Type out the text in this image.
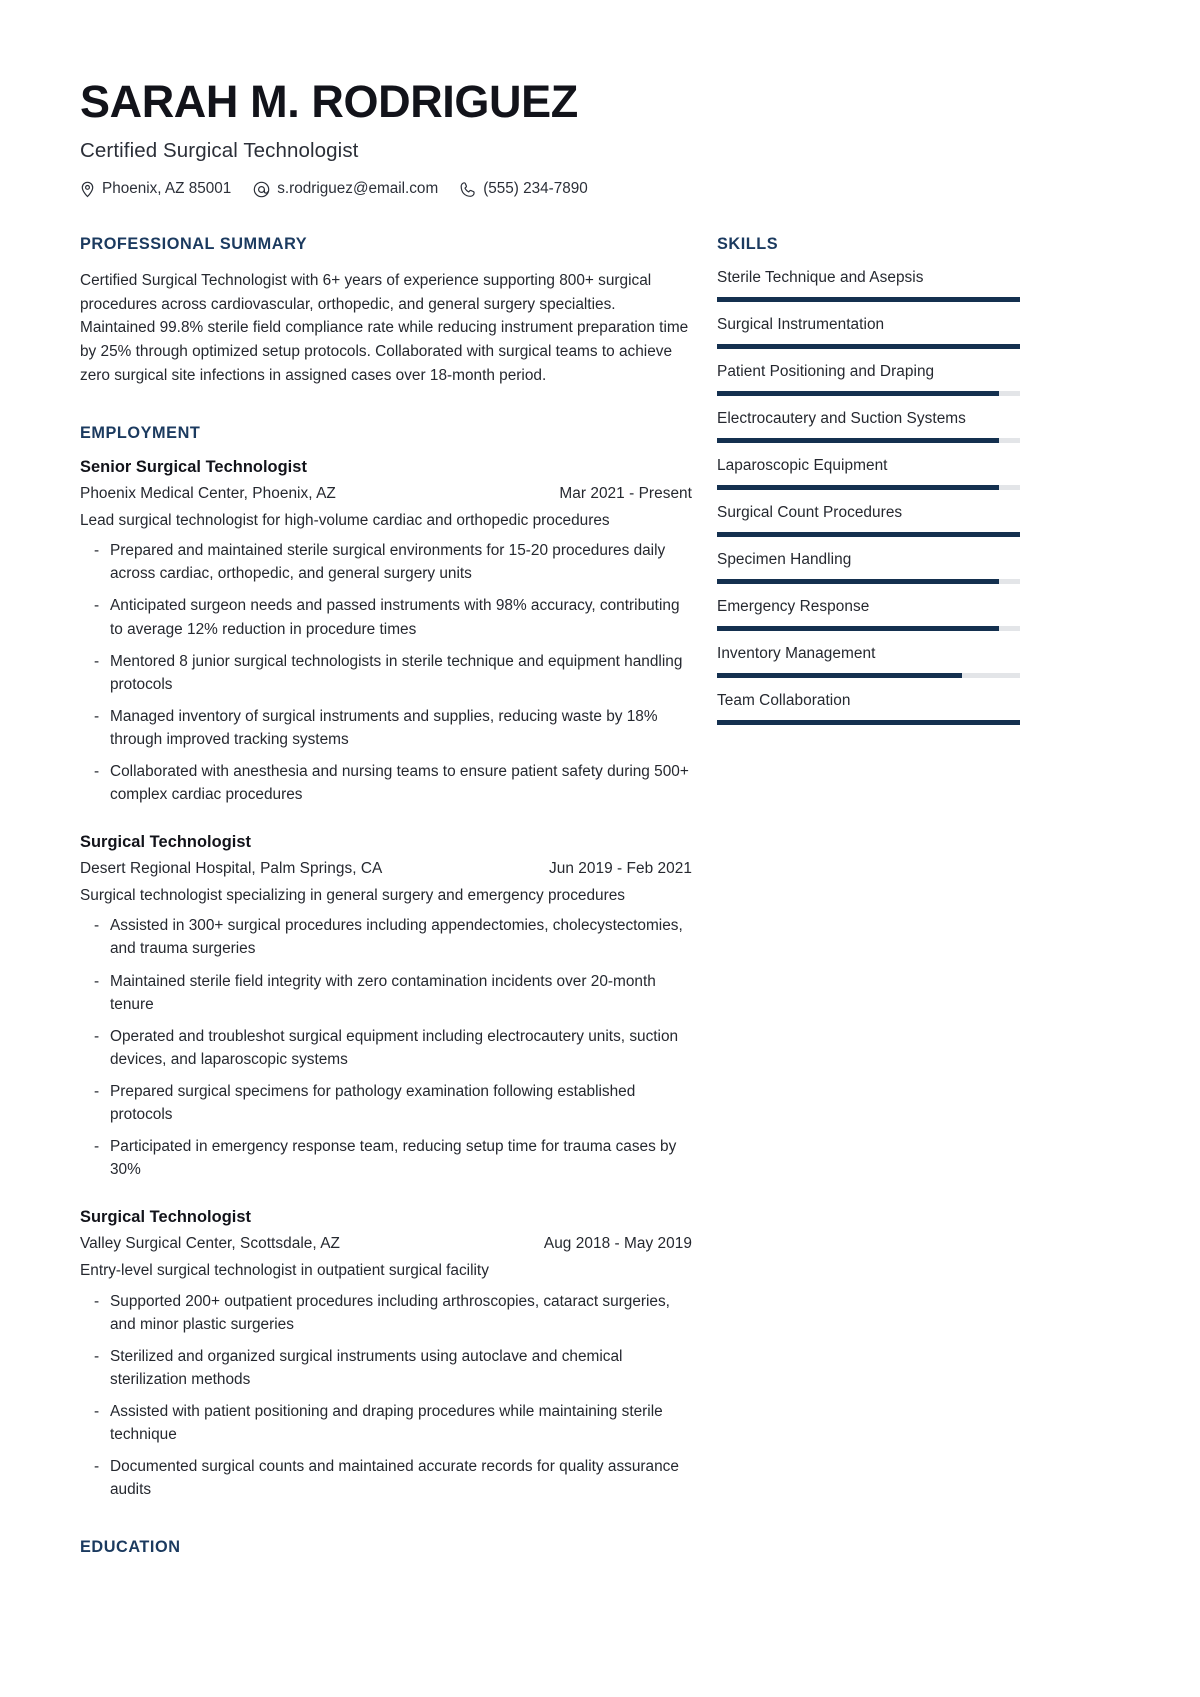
SARAH M. RODRIGUEZ
Certified Surgical Technologist
Phoenix, AZ 85001	s.rodriguez@email.com	(555) 234-7890
PROFESSIONAL SUMMARY
Certified Surgical Technologist with 6+ years of experience supporting 800+ surgical procedures across cardiovascular, orthopedic, and general surgery specialties. Maintained 99.8% sterile field compliance rate while reducing instrument preparation time by 25% through optimized setup protocols. Collaborated with surgical teams to achieve zero surgical site infections in assigned cases over 18-month period.
EMPLOYMENT
Senior Surgical Technologist
Phoenix Medical Center, Phoenix, AZ	Mar 2021 - Present
Lead surgical technologist for high-volume cardiac and orthopedic procedures
- Prepared and maintained sterile surgical environments for 15-20 procedures daily across cardiac, orthopedic, and general surgery units
- Anticipated surgeon needs and passed instruments with 98% accuracy, contributing to average 12% reduction in procedure times
- Mentored 8 junior surgical technologists in sterile technique and equipment handling protocols
- Managed inventory of surgical instruments and supplies, reducing waste by 18% through improved tracking systems
- Collaborated with anesthesia and nursing teams to ensure patient safety during 500+ complex cardiac procedures
Surgical Technologist
Desert Regional Hospital, Palm Springs, CA	Jun 2019 - Feb 2021
Surgical technologist specializing in general surgery and emergency procedures
- Assisted in 300+ surgical procedures including appendectomies, cholecystectomies, and trauma surgeries
- Maintained sterile field integrity with zero contamination incidents over 20-month tenure
- Operated and troubleshot surgical equipment including electrocautery units, suction devices, and laparoscopic systems
- Prepared surgical specimens for pathology examination following established protocols
- Participated in emergency response team, reducing setup time for trauma cases by 30%
Surgical Technologist
Valley Surgical Center, Scottsdale, AZ	Aug 2018 - May 2019
Entry-level surgical technologist in outpatient surgical facility
- Supported 200+ outpatient procedures including arthroscopies, cataract surgeries, and minor plastic surgeries
- Sterilized and organized surgical instruments using autoclave and chemical sterilization methods
- Assisted with patient positioning and draping procedures while maintaining sterile technique
- Documented surgical counts and maintained accurate records for quality assurance audits
EDUCATION
SKILLS
Sterile Technique and Asepsis
Surgical Instrumentation
Patient Positioning and Draping
Electrocautery and Suction Systems
Laparoscopic Equipment
Surgical Count Procedures
Specimen Handling
Emergency Response
Inventory Management
Team Collaboration
